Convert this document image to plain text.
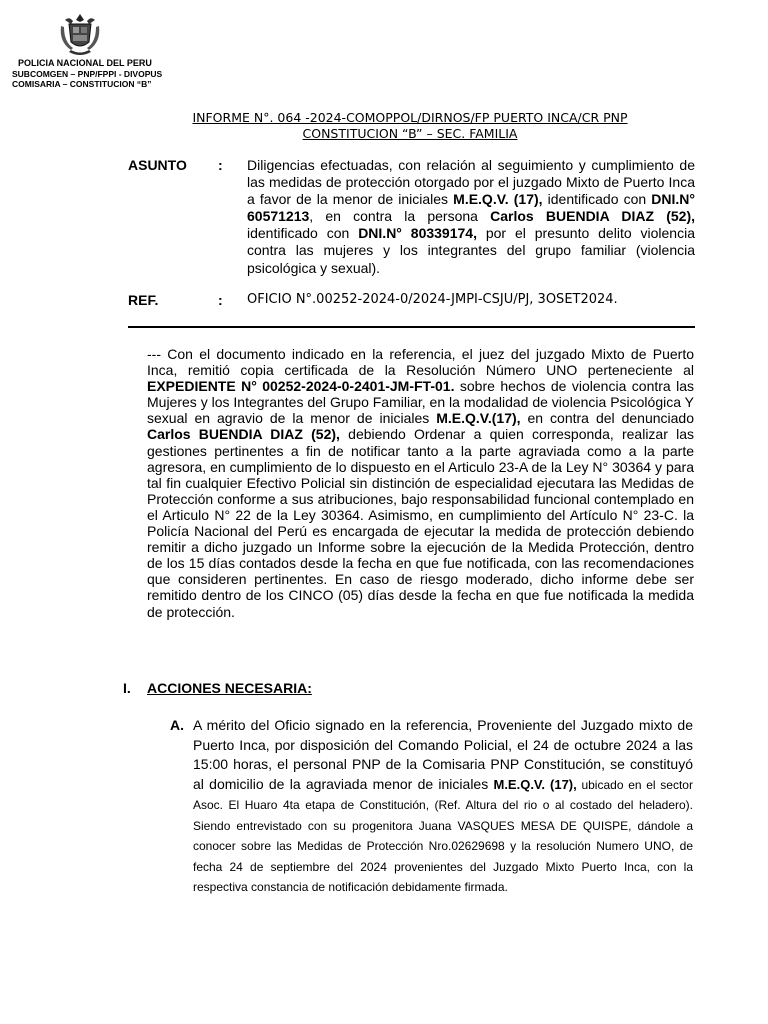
POLICIA NACIONAL DEL PERU
SUBCOMGEN – PNP/FPPI - DIVOPUS
COMISARIA – CONSTITUCION “B”
INFORME N°. 064 -2024-COMOPPOL/DIRNOS/FP PUERTO INCA/CR PNP
CONSTITUCION “B” – SEC. FAMILIA
ASUNTO : Diligencias efectuadas, con relación al seguimiento y cumplimiento de las medidas de protección otorgado por el juzgado Mixto de Puerto Inca a favor de la menor de iniciales M.E.Q.V. (17), identificado con DNI.N° 60571213, en contra la persona Carlos BUENDIA DIAZ (52), identificado con DNI.N° 80339174, por el presunto delito violencia contra las mujeres y los integrantes del grupo familiar (violencia psicológica y sexual).
REF.	: OFICIO N°.00252-2024-0/2024-JMPI-CSJU/PJ, 3OSET2024.
--- Con el documento indicado en la referencia, el juez del juzgado Mixto de Puerto Inca, remitió copia certificada de la Resolución Número UNO perteneciente al EXPEDIENTE N° 00252-2024-0-2401-JM-FT-01. sobre hechos de violencia contra las Mujeres y los Integrantes del Grupo Familiar, en la modalidad de violencia Psicológica Y sexual en agravio de la menor de iniciales M.E.Q.V.(17), en contra del denunciado Carlos BUENDIA DIAZ (52), debiendo Ordenar a quien corresponda, realizar las gestiones pertinentes a fin de notificar tanto a la parte agraviada como a la parte agresora, en cumplimiento de lo dispuesto en el Articulo 23-A de la Ley N° 30364 y para tal fin cualquier Efectivo Policial sin distinción de especialidad ejecutara las Medidas de Protección conforme a sus atribuciones, bajo responsabilidad funcional contemplado en el Articulo N° 22 de la Ley 30364. Asimismo, en cumplimiento del Artículo N° 23-C. la Policía Nacional del Perú es encargada de ejecutar la medida de protección debiendo remitir a dicho juzgado un Informe sobre la ejecución de la Medida Protección, dentro de los 15 días contados desde la fecha en que fue notificada, con las recomendaciones que consideren pertinentes. En caso de riesgo moderado, dicho informe debe ser remitido dentro de los CINCO (05) días desde la fecha en que fue notificada la medida de protección.
I. ACCIONES NECESARIA:
A. A mérito del Oficio signado en la referencia, Proveniente del Juzgado mixto de Puerto Inca, por disposición del Comando Policial, el 24 de octubre 2024 a las 15:00 horas, el personal PNP de la Comisaria PNP Constitución, se constituyó al domicilio de la agraviada menor de iniciales M.E.Q.V. (17), ubicado en el sector Asoc. El Huaro 4ta etapa de Constitución, (Ref. Altura del rio o al costado del heladero). Siendo entrevistado con su progenitora Juana VASQUES MESA DE QUISPE, dándole a conocer sobre las Medidas de Protección Nro.02629698 y la resolución Numero UNO, de fecha 24 de septiembre del 2024 provenientes del Juzgado Mixto Puerto Inca, con la respectiva constancia de notificación debidamente firmada.
